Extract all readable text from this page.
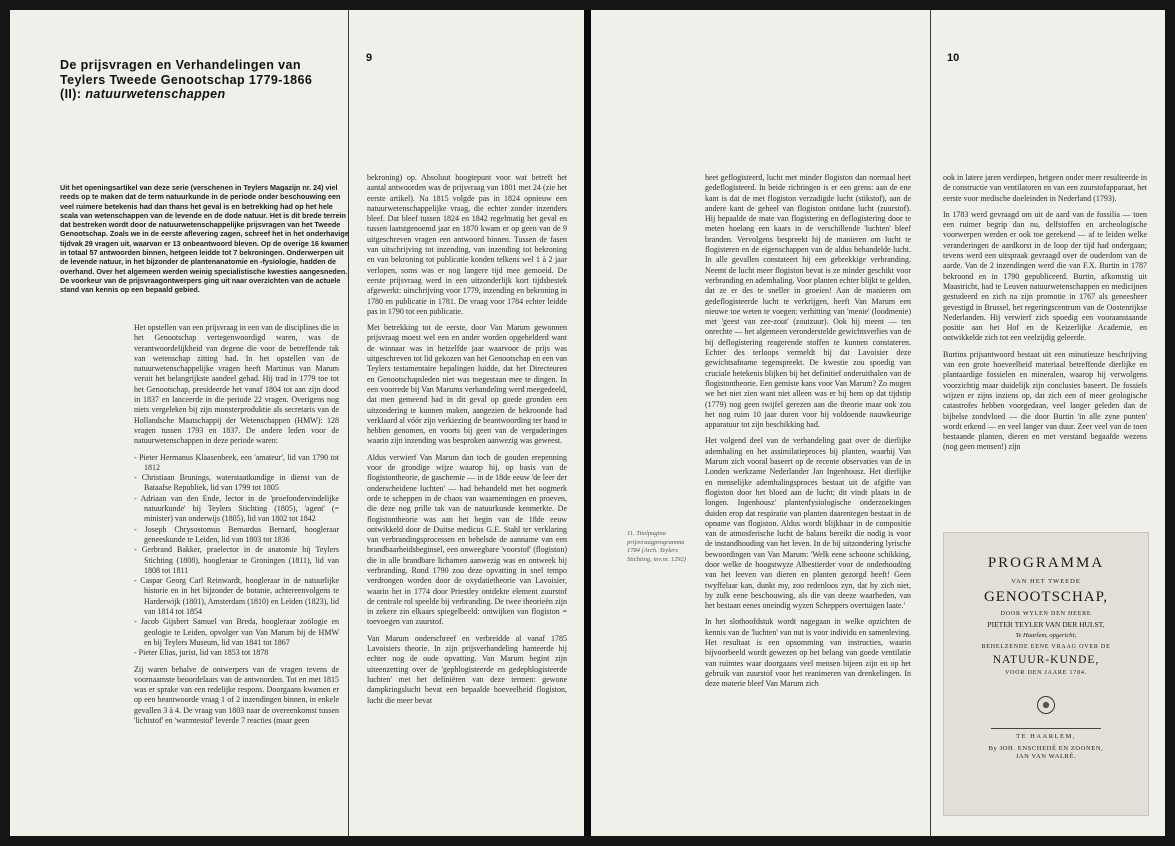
9
De prijsvragen en Verhandelingen van
Teylers Tweede Genootschap 1779-1866
(II): natuurwetenschappen
Uit het openingsartikel van deze serie (verschenen in Teylers Magazijn nr. 24) viel reeds op te maken dat de term natuurkunde in de periode onder beschouwing een veel ruimere betekenis had dan thans het geval is en betrekking had op het hele scala van wetenschappen van de levende en de dode natuur. Het is dit brede terrein dat bestreken wordt door de natuurwetenschappelijke prijsvragen van het Tweede Genootschap. Zoals we in de eerste aflevering zagen, schreef het in het onderhavige tijdvak 29 vragen uit, waarvan er 13 onbeantwoord bleven. Op de overige 16 kwamen in totaal 57 antwoorden binnen, hetgeen leidde tot 7 bekroningen. Onderwerpen uit de levende natuur, in het bijzonder de plantenanatomie en -fysiologie, hadden de overhand. Over het algemeen werden weinig specialistische kwesties aangesneden. De voorkeur van de prijsvraagontwerpers ging uit naar overzichten van de actuele stand van kennis op een bepaald gebied.

Het opstellen van een prijsvraag in een van de disciplines die in het Genootschap vertegenwoordigd waren, was de verantwoordelijkheid van degene die voor de betreffende tak van wetenschap zitting had. In het opstellen van de natuurwetenschappelijke vragen heeft Martinus van Marum veruit het belangrijkste aandeel gehad. Hij trad in 1779 toe tot het Genootschap, presideerde het vanaf 1804 tot aan zijn dood in 1837 en lanceerde in die periode 22 vragen. Overigens nog niets vergeleken bij zijn monsterproduktie als secretaris van de Hollandsche Maatschappij der Wetenschappen (HMW): 128 vragen tussen 1793 en 1837. De andere leden voor de natuurwetenschappen in deze periode waren:

- Pieter Hermanus Klaasenbeek, een 'amateur', lid van 1790 tot 1812
- Christiaan Brunings, waterstaatkundige in dienst van de Bataafse Republiek, lid van 1799 tot 1805
- Adriaan van den Ende, lector in de 'proefondervindelijke natuurkunde' bij Teylers Stichting (1805), 'agent' (= minister) van onderwijs (1805), lid van 1802 tot 1842
- Joseph Chrysostomus Bernardus Bernard, hoogleraar geneeskunde te Leiden, lid van 1803 tot 1836
- Gerbrand Bakker, praelector in de anatomie bij Teylers Stichting (1808), hoogleraar te Groningen (1811), lid van 1808 tot 1811
- Caspar Georg Carl Reinwardt, hoogleraar in de natuurlijke historie en in het bijzonder de botanie, achtereenvolgens te Harderwijk (1801), Amsterdam (1810) en Leiden (1823), lid van 1814 tot 1854
- Jacob Gijsbert Samuel van Breda, hoogleraar zoölogie en geologie te Leiden, opvolger van Van Marum bij de HMW en bij Teylers Museum, lid van 1841 tot 1867
- Pieter Elias, jurist, lid van 1853 tot 1878

Zij waren behalve de ontwerpers van de vragen tevens de voornaamste beoordelaars van de antwoorden. Tot en met 1815 was er sprake van een redelijke respons. Doorgaans kwamen er op een beantwoorde vraag 1 of 2 inzendingen binnen, in enkele gevallen 3 à 4. De vraag van 1803 naar de overeenkomst tussen 'lichtstof' en 'warmtestof' leverde 7 reacties (maar geen

bekroning) op. Absoluut hoogtepunt voor wat betreft het aantal antwoorden was de prijsvraag van 1801 met 24 (zie het eerste artikel). Na 1815 volgde pas in 1824 opnieuw een natuurwetenschappelijke vraag, die echter zonder inzenders bleef. Dat bleef tussen 1824 en 1842 regelmatig het geval en tussen laatstgenoemd jaar en 1870 kwam er op geen van de 9 uitgeschreven vragen een antwoord binnen. Tussen de fasen van uitschrijving tot inzending, van inzending tot bekroning en van bekroning tot publicatie konden telkens wel 1 à 2 jaar verlopen, soms was er nog langere tijd mee gemoeid. De eerste prijsvraag werd in een uitzonderlijk kort tijdsbestek afgewerkt: uitschrijving voor 1779, inzending en bekroning in 1780 en publicatie in 1781. De vraag voor 1784 echter leidde pas in 1790 tot een publicatie.

Met betrekking tot de eerste, door Van Marum gewonnen prijsvraag moest wel een en ander worden opgehelderd want de winnaar was in hetzelfde jaar waarvoor de prijs was uitgeschreven tot lid gekozen van het Genootschap en een van Teylers testamentaire bepalingen luidde, dat het Directeuren en Genootschapsleden niet was toegestaan mee te dingen. In een voorrede bij Van Marums verhandeling werd meegedeeld, dat men gemeend had in dit geval op goede gronden een uitzondering te kunnen maken, aangezien de bekroonde had verklaard al vóór zijn verkiezing de beantwoording ter hand te hebben genomen, en voorts bij geen van de vergaderingen waarin zijn inzending was besproken aanwezig was geweest.

Aldus verwierf Van Marum dan toch de gouden erepenning voor de grondige wijze waarop hij, op basis van de flogistontheorie, de gaschemie — in de 18de eeuw 'de leer der onderscheidene luchten' — had behandeld met het oogmerk orde te scheppen in de chaos van waarnemingen en proeven, die deze nog prille tak van de natuurkunde kenmerkte. De flogistontheorie was aan het begin van de 18de eeuw ontwikkeld door de Duitse medicus G.E. Stahl ter verklaring van verbrandingsprocessen en behelsde de aanname van een brandbaarheidsbeginsel, een onweegbare 'voorstof' (flogiston) die in alle brandbare lichamen aanwezig was en ontweek bij verbranding. Rond 1790 zou deze opvatting in snel tempo verdrongen worden door de oxydatietheorie van Lavoisier, waarin het in 1774 door Priestley ontdekte element zuurstof de centrale rol speelde bij verbranding. De twee theorieën zijn in zekere zin elkaars spiegelbeeld: ontwijken van flogiston = toevoegen van zuurstof.

Van Marum onderschreef en verbreidde al vanaf 1785 Lavoisiers theorie. In zijn prijsverhandeling hanteerde hij echter nog de oude opvatting. Van Marum begint zijn uiteenzetting over de 'gephlogisteerde en gedephlogisteerde luchten' met het definiëren van deze termen: gewone dampkringslucht bevat een bepaalde hoeveelheid flogiston, lucht die meer bevat

10
11. Titelpagina prijsvraagprogramma 1784 (Arch. Teylers Stichting, inv.nr. 1292)

heet geflogisteerd, lucht met minder flogiston dan normaal heet gedeflogisteerd. In beide richtingen is er een grens: aan de ene kant is dat de met flogiston verzadigde lucht (stikstof), aan de andere kant de geheel van flogiston ontdane lucht (zuurstof). Hij bepaalde de mate van flogistering en deflogistering door te meten hoelang een kaars in de verschillende 'luchten' bleef branden. Vervolgens bespreekt hij de manieren om lucht te flogisteren en de eigenschappen van de aldus behandelde lucht. In alle gevallen constateert hij een gebrekkige verbranding. Neemt de lucht meer flogiston bevat is ze minder geschikt voor verbranding en ademhaling. Voor planten echter blijkt te gelden, dat ze er des te sneller in groeien! Aan de manieren om gedeflogisteerde lucht te verkrijgen, heeft Van Marum een nieuwe toe weten te voegen: verhitting van 'menie' (loodmenie) met 'geest van zee-zout' (zoutzuur). Ook hij meent — ten onrechte — het algemeen veronderstelde gewichtsverlies van de bij deflogistering reagerende stoffen te kunnen constateren. Echter des terloops vermeldt hij dat Lavoisier deze gewichtsafname tegenspreekt. De kwestie zou spoedig van cruciale betekenis blijken bij het definitief onderuithalen van de flogistontheorie. Een gemiste kans voor Van Marum? Zo mogen we het niet zien want niet alleen was er bij hem op dat tijdstip (1779) nog geen twijfel gerezen aan die theorie maar ook zou het nog ruim 10 jaar duren voor hij voldoende nauwkeurige apparatuur tot zijn beschikking had.

Het volgend deel van de verhandeling gaat over de dierlijke ademhaling en het assimilatieproces bij planten, waarbij Van Marum zich vooral baseert op de recente observaties van de in Londen werkzame Nederlander Jan Ingenhousz. Het dierlijke en menselijke ademhalingsproces bestaat uit de afgifte van flogiston door het bloed aan de lucht; dit vindt plaats in de longen. Ingenhousz' plantenfysiologische onderzoekingen duiden erop dat respiratie van planten daarentegen bestaat in de opname van flogiston. Aldus wordt blijkbaar in de compositie van de atmosferische lucht de balans bereikt die nodig is voor de instandhouding van het leven. In de bij uitzondering lyrische bewoordingen van Van Marum: 'Welk eene schoone schikking, door welke de hoogstwyze Albestierder voor de onderhouding van het leeven van dieren en planten gezorgd heeft! Geen twyffelaar kan, dunkt my, zoo redenloos zyn, dat hy zich niet, by zulk eene beschouwing, als die van deeze waarheden, van het bestaan eenes oneindig wyzen Scheppers overtuigen laate.'

In het slothoofdstuk wordt nagegaan in welke opzichten de kennis van de 'luchten' van nut is voor individu en samenleving. Het resultaat is een opsomming van instructies, waarin bijvoorbeeld wordt gewezen op het belang van goede ventilatie van ruimtes waar doorgaans veel mensen bijeen zijn en op het gebruik van zuurstof voor het reanimeren van drenkelingen. In deze materie bleef Van Marum zich

ook in latere jaren verdiepen, hetgeen onder meer resulteerde in de constructie van ventilatoren en van een zuurstofapparaat, het eerste voor medische doeleinden in Nederland (1793).

In 1783 werd gevraagd om uit de aard van de fossilia — toen een ruimer begrip dan nu, delfstoffen en archeologische voorwerpen werden er ook toe gerekend — af te leiden welke veranderingen de aardkorst in de loop der tijd had ondergaan; tevens werd een uitspraak gevraagd over de ouderdom van de aarde. Van de 2 inzendingen werd die van F.X. Burtin in 1787 bekroond en in 1790 gepubliceerd. Burtin, afkomstig uit Maastricht, had te Leuven natuurwetenschappen en medicijnen gestudeerd en zich na zijn promotie in 1767 als geneesheer gevestigd in Brussel, het regeringscentrum van de Oostenrijkse Nederlanden. Hij verwierf zich spoedig een vooraanstaande positie aan het Hof en de Keizerlijke Academie, en ontwikkelde zich tot een veelzijdig geleerde.

Burtins prijsantwoord bestaat uit een minutieuze beschrijving van een grote hoeveelheid materiaal betreffende dierlijke en plantaardige fossielen en mineralen, waarop hij verwolgens voorzichtig maar duidelijk zijn conclusies baseert. De fossiels wijzen er zijns inziens op, dat zich een of meer geologische catastrofes hebben voorgedaan, veel langer geleden dan de bijbelse zondvloed — die door Burtin 'in alle zyne punten' wordt erkend — en veel langer van duur. Zeer veel van de toen bestaande planten, dieren en met verstand begaafde wezens (nog geen mensen!) zijn

PROGRAMMA
VAN HET TWEEDE
GENOOTSCHAP,
DOOR WYLEN DEN HEERE
PIETER TEYLER VAN DER HULST,
Te Haarlem, opgericht;
BEHELZENDE EENE VRAAG OVER DE
NATUUR-KUNDE,
VOOR DEN JAARE 1784.
TE HAARLEM,
By JOH. ENSCHEDÉ EN ZOONEN,
JAN VAN WALRÉ.
